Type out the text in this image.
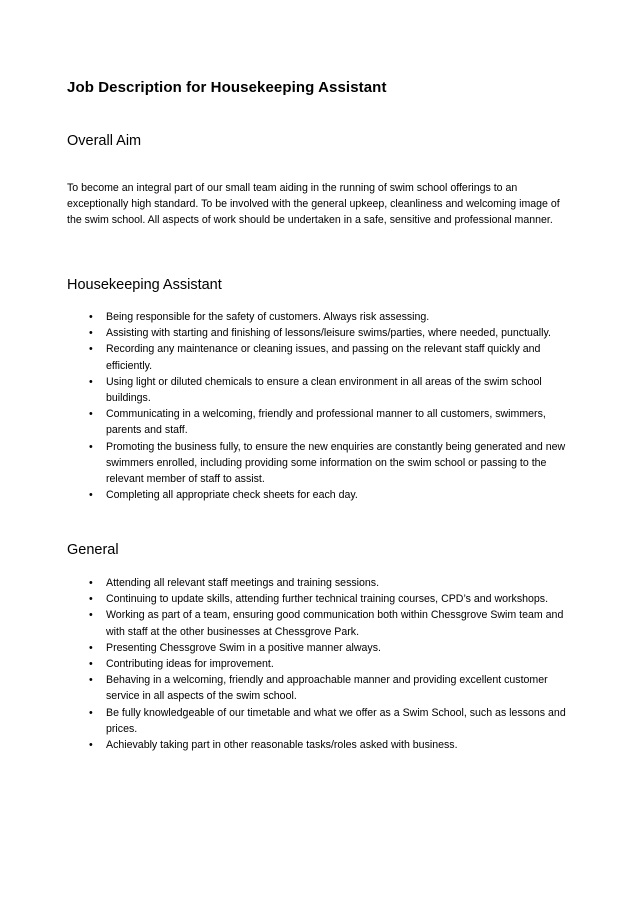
Job Description for Housekeeping Assistant
Overall Aim

To become an integral part of our small team aiding in the running of swim school offerings to an exceptionally high standard. To be involved with the general upkeep, cleanliness and welcoming image of the swim school. All aspects of work should be undertaken in a safe, sensitive and professional manner.

Housekeeping Assistant
• Being responsible for the safety of customers. Always risk assessing.
• Assisting with starting and finishing of lessons/leisure swims/parties, where needed, punctually.
• Recording any maintenance or cleaning issues, and passing on the relevant staff quickly and efficiently.
• Using light or diluted chemicals to ensure a clean environment in all areas of the swim school buildings.
• Communicating in a welcoming, friendly and professional manner to all customers, swimmers, parents and staff.
• Promoting the business fully, to ensure the new enquiries are constantly being generated and new swimmers enrolled, including providing some information on the swim school or passing to the relevant member of staff to assist.
• Completing all appropriate check sheets for each day.
General
• Attending all relevant staff meetings and training sessions.
• Continuing to update skills, attending further technical training courses, CPD’s and workshops.
• Working as part of a team, ensuring good communication both within Chessgrove Swim team and with staff at the other businesses at Chessgrove Park.
• Presenting Chessgrove Swim in a positive manner always.
• Contributing ideas for improvement.
• Behaving in a welcoming, friendly and approachable manner and providing excellent customer service in all aspects of the swim school.
• Be fully knowledgeable of our timetable and what we offer as a Swim School, such as lessons and prices.
• Achievably taking part in other reasonable tasks/roles asked with business.
